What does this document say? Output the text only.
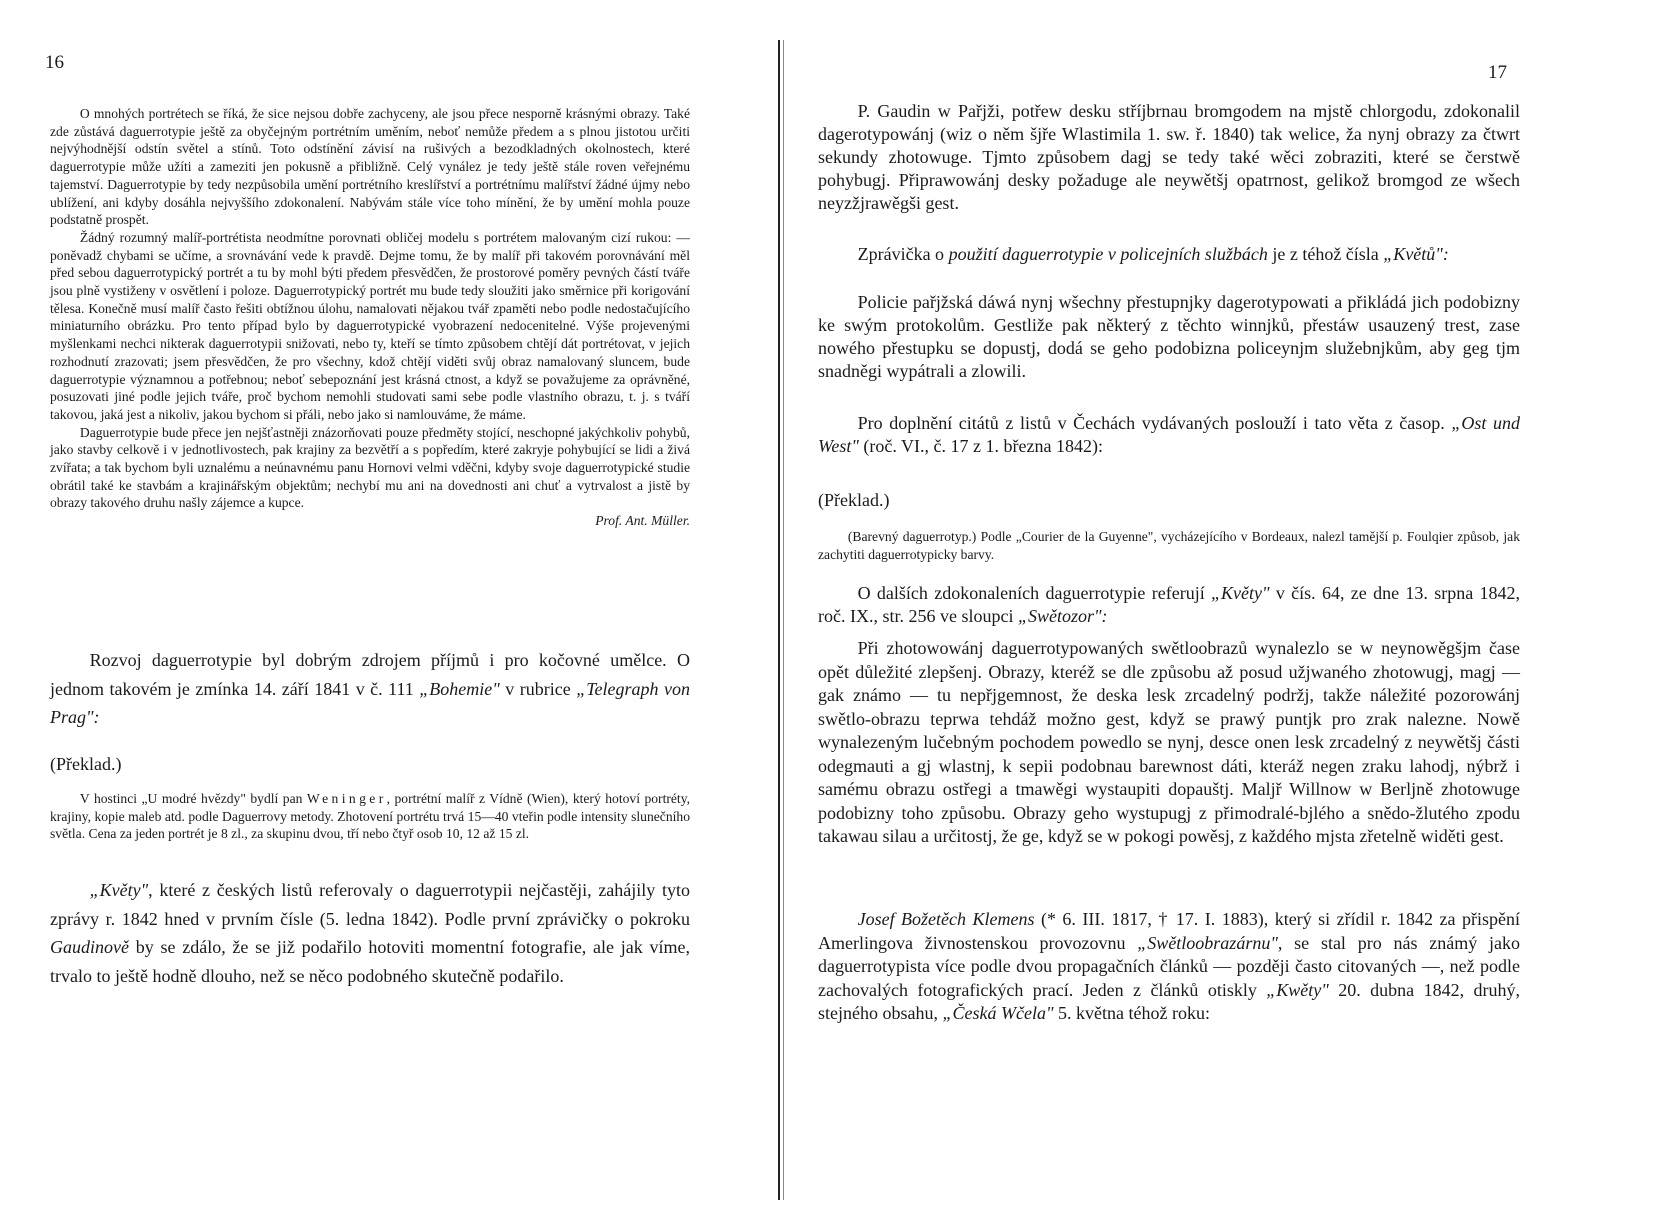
16

O mnohých portrétech se říká, že sice nejsou dobře zachyceny, ale jsou přece nesporně krásnými obrazy. Také zde zůstává daguerrotypie ještě za obyčejným portrétním uměním, neboť nemůže předem a s plnou jistotou určiti nejvýhodnější odstín světel a stínů. Toto odstínění závisí na rušivých a bezodkladných okolnostech, které daguerrotypie může užíti a zameziti jen pokusně a přibližně. Celý vynález je tedy ještě stále roven veřejnému tajemství. Daguerrotypie by tedy nezpůsobila umění portrétního kreslířství a portrétnímu malířství žádné újmy nebo ublížení, ani kdyby dosáhla nejvyššího zdokonalení. Nabývám stále více toho mínění, že by umění mohla pouze podstatně prospět.

Žádný rozumný malíř-portrétista neodmítne porovnati obličej modelu s portrétem malovaným cizí rukou: — poněvadž chybami se učíme, a srovnávání vede k pravdě. Dejme tomu, že by malíř při takovém porovnávání měl před sebou daguerrotypický portrét a tu by mohl býti předem přesvědčen, že prostorové poměry pevných částí tváře jsou plně vystiženy v osvětlení i poloze. Daguerrotypický portrét mu bude tedy sloužiti jako směrnice při korigování tělesa. Konečně musí malíř často řešiti obtížnou úlohu, namalovati nějakou tvář zpaměti nebo podle nedostačujícího miniaturního obrázku. Pro tento případ bylo by daguerrotypické vyobrazení nedocenitelné. Výše projevenými myšlenkami nechci nikterak daguerrotypii snižovati, nebo ty, kteří se tímto způsobem chtějí dát portrétovat, v jejich rozhodnutí zrazovati; jsem přesvědčen, že pro všechny, kdož chtějí viděti svůj obraz namalovaný sluncem, bude daguerrotypie významnou a potřebnou; neboť sebepoznání jest krásná ctnost, a když se považujeme za oprávněné, posuzovati jiné podle jejich tváře, proč bychom nemohli studovati sami sebe podle vlastního obrazu, t. j. s tváří takovou, jaká jest a nikoliv, jakou bychom si přáli, nebo jako si namlouváme, že máme.

Daguerrotypie bude přece jen nejšťastněji znázorňovati pouze předměty stojící, neschopné jakýchkoliv pohybů, jako stavby celkově i v jednotlivostech, pak krajiny za bezvětří a s popředím, které zakryje pohybující se lidi a živá zvířata; a tak bychom byli uznalému a neúnavnému panu Hornovi velmi vděčni, kdyby svoje daguerrotypické studie obrátil také ke stavbám a krajinářským objektům; nechybí mu ani na dovednosti ani chuť a vytrvalost a jistě by obrazy takového druhu našly zájemce a kupce.

Prof. Ant. Müller.

Rozvoj daguerrotypie byl dobrým zdrojem příjmů i pro kočovné umělce. O jednom takovém je zmínka 14. září 1841 v č. 111 „Bohemie" v rubrice „Telegraph von Prag":

(Překlad.)

V hostinci „U modré hvězdy" bydlí pan Weninger, portrétní malíř z Vídně (Wien), který hotoví portréty, krajiny, kopie maleb atd. podle Daguerrovy metody. Zhotovení portrétu trvá 15—40 vteřin podle intensity slunečního světla. Cena za jeden portrét je 8 zl., za skupinu dvou, tří nebo čtyř osob 10, 12 až 15 zl.

„Květy", které z českých listů referovaly o daguerrotypii nejčastěji, zahájily tyto zprávy r. 1842 hned v prvním čísle (5. ledna 1842). Podle první zprávičky o pokroku Gaudinově by se zdálo, že se již podařilo hotoviti momentní fotografie, ale jak víme, trvalo to ještě hodně dlouho, než se něco podobného skutečně podařilo.

17

P. Gaudin w Pařjži, potřew desku stříjbrnau bromgodem na mjstě chlorgodu, zdokonalil dagerotypowánj (wiz o něm šjře Wlastimila 1. sw. ř. 1840) tak welice, ža nynj obrazy za čtwrt sekundy zhotowuge. Tjmto způsobem dagj se tedy také wěci zobraziti, které se čerstwě pohybugj. Připrawowánj desky požaduge ale neywětšj opatrnost, gelikož bromgod ze wšech neyzžjrawěgši gest.

Zprávička o použití daguerrotypie v policejních službách je z téhož čísla „Květů":

Policie pařjžská dáwá nynj wšechny přestupnjky dagerotypowati a přikládá jich podobizny ke swým protokolům. Gestliže pak některý z těchto winnjků, přestáw usauzený trest, zase nowého přestupku se dopustj, dodá se geho podobizna policeynjm služebnjkům, aby geg tjm snadněgi wypátrali a zlowili.

Pro doplnění citátů z listů v Čechách vydávaných poslouží i tato věta z časop. „Ost und West" (roč. VI., č. 17 z 1. března 1842):

(Překlad.)

(Barevný daguerrotyp.) Podle „Courier de la Guyenne", vycházejícího v Bordeaux, nalezl tamější p. Foulqier způsob, jak zachytiti daguerrotypicky barvy.

O dalších zdokonaleních daguerrotypie referují „Květy" v čís. 64, ze dne 13. srpna 1842, roč. IX., str. 256 ve sloupci „Swětozor":

Při zhotowowánj daguerrotypowaných swětloobrazů wynalezlo se w neynowěgšjm čase opět důležité zlepšenj. Obrazy, kteréž se dle způsobu až posud užjwaného zhotowugj, magj — gak známo — tu nepřjgemnost, že deska lesk zrcadelný podržj, takže náležité pozorowánj swětlo-obrazu teprwa tehdáž možno gest, když se prawý puntjk pro zrak nalezne. Nowě wynalezeným lučebným pochodem powedlo se nynj, desce onen lesk zrcadelný z neywětšj části odegmauti a gj wlastnj, k sepii podobnau barewnost dáti, kteráž negen zraku lahodj, nýbrž i samému obrazu ostřegi a tmawěgi wystaupiti dopauštj. Maljř Willnow w Berljně zhotowuge podobizny toho způsobu. Obrazy geho wystupugj z přimodralé-bjlého a snědo-žlutého zpodu takawau silau a určitostj, že ge, když se w pokogi powěsj, z každého mjsta zřetelně widěti gest.

Josef Božetěch Klemens (* 6. III. 1817, † 17. I. 1883), který si zřídil r. 1842 za přispění Amerlingova živnostenskou provozovnu „Swětloobrazárnu", se stal pro nás známý jako daguerrotypista více podle dvou propagačních článků — později často citovaných —, než podle zachovalých fotografických prací. Jeden z článků otiskly „Kwěty" 20. dubna 1842, druhý, stejného obsahu, „Česká Wčela" 5. května téhož roku:
